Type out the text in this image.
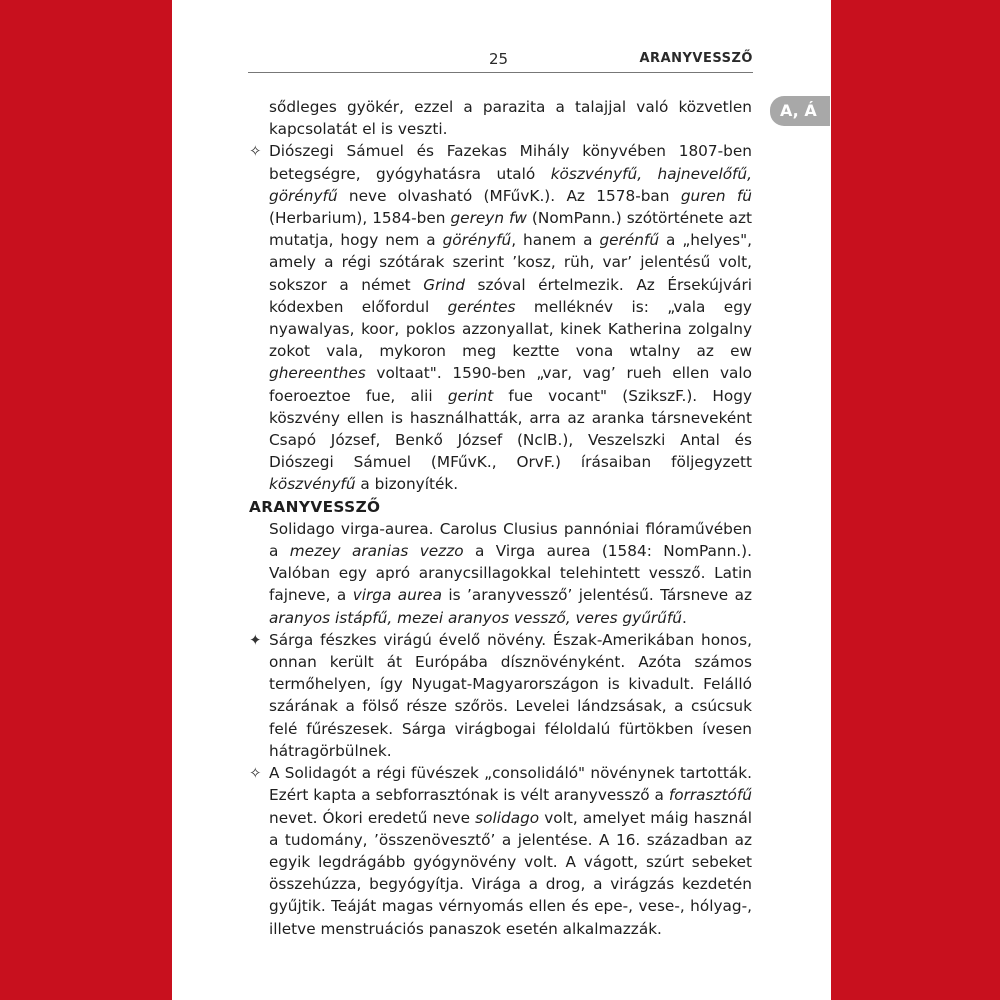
25	ARANYVESSZŐ
A, Á

sődleges gyökér, ezzel a parazita a talajjal való közvetlen kapcsolatát el is veszti.

✧ Diószegi Sámuel és Fazekas Mihály könyvében 1807-ben betegségre, gyógyhatásra utaló köszvényfű, hajnevelőfű, görényfű neve olvasható (MFűvK.). Az 1578-ban guren fü (Herbarium), 1584-ben gereyn fw (NomPann.) szótörténete azt mutatja, hogy nem a görényfű, hanem a gerénfű a „helyes", amely a régi szótárak szerint ’kosz, rüh, var’ jelentésű volt, sokszor a német Grind szóval értelmezik. Az Érsekújvári kódexben előfordul geréntes melléknév is: „vala egy nyawalyas, koor, poklos azzonyallat, kinek Katherina zolgalny zokot vala, mykoron meg keztte vona wtalny az ew ghereenthes voltaat". 1590-ben „var, vag’ rueh ellen valo foeroeztoe fue, alii gerint fue vocant" (SzikszF.). Hogy köszvény ellen is használhatták, arra az aranka társneveként Csapó József, Benkő József (NclB.), Veszelszki Antal és Diószegi Sámuel (MFűvK., OrvF.) írásaiban följegyzett köszvényfű a bizonyíték.

ARANYVESSZŐ

Solidago virga-aurea. Carolus Clusius pannóniai flóraművében a mezey aranias vezzo a Virga aurea (1584: NomPann.). Valóban egy apró aranycsillagokkal telehintett vessző. Latin fajneve, a virga aurea is ’aranyvessző’ jelentésű. Társneve az aranyos istápfű, mezei aranyos vessző, veres gyűrűfű.

✦ Sárga fészkes virágú évelő növény. Észak-Amerikában honos, onnan került át Európába dísznövényként. Azóta számos termőhelyen, így Nyugat-Magyarországon is kivadult. Felálló szárának a fölső része szőrös. Levelei lándzsásak, a csúcsuk felé fűrészesek. Sárga virágbogai féloldalú fürtökben ívesen hátragörbülnek.

✧ A Solidagót a régi füvészek „consolidáló" növénynek tartották. Ezért kapta a sebforrasztónak is vélt aranyvessző a forrasztófű nevet. Ókori eredetű neve solidago volt, amelyet máig használ a tudomány, ’összenövesztő’ a jelentése. A 16. században az egyik legdrágább gyógynövény volt. A vágott, szúrt sebeket összehúzza, begyógyítja. Virága a drog, a virágzás kezdetén gyűjtik. Teáját magas vérnyomás ellen és epe-, vese-, hólyag-, illetve menstruációs panaszok esetén alkalmazzák.
